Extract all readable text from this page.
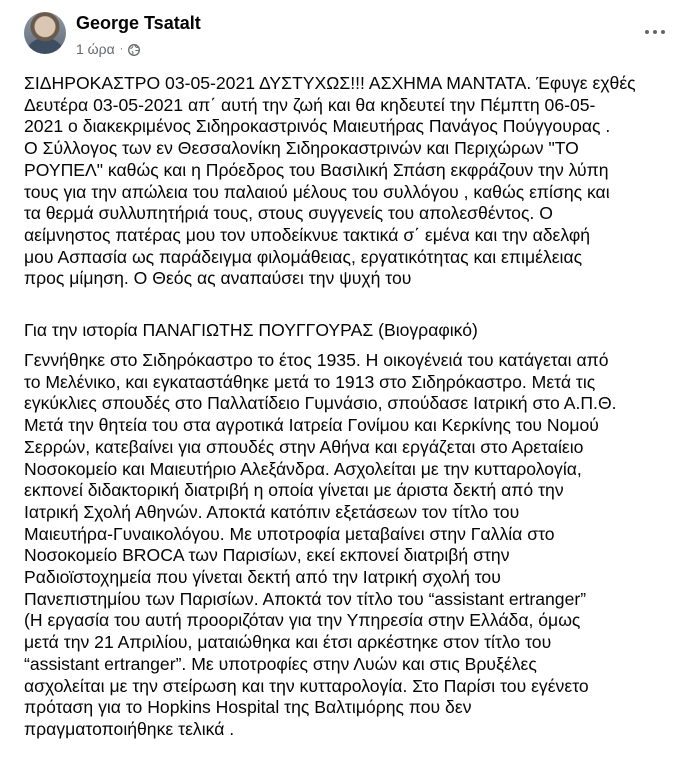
George Tsatalt
1 ώρα ·

ΣΙΔΗΡΟΚΑΣΤΡΟ 03-05-2021 ΔΥΣΤΥΧΩΣ!!! ΑΣΧΗΜΑ ΜΑΝΤΑΤΑ. Έφυγε εχθές
Δευτέρα 03-05-2021 απ΄ αυτή την ζωή και θα κηδευτεί την Πέμπτη 06-05-
2021 ο διακεκριμένος Σιδηροκαστρινός Μαιευτήρας Πανάγος Πούγγουρας .
Ο Σύλλογος των εν Θεσσαλονίκη Σιδηροκαστρινών και Περιχώρων "ΤΟ
ΡΟΥΠΕΛ" καθώς και η Πρόεδρος του Βασιλική Σπάση εκφράζουν την λύπη
τους για την απώλεια του παλαιού μέλους του συλλόγου , καθώς επίσης και
τα θερμά συλλυπητήριά τους, στους συγγενείς του απολεσθέντος. Ο
αείμνηστος πατέρας μου τον υποδείκνυε τακτικά σ΄ εμένα και την αδελφή
μου Ασπασία ως παράδειγμα φιλομάθειας, εργατικότητας και επιμέλειας
προς μίμηση. Ο Θεός ας αναπαύσει την ψυχή του

Για την ιστορία ΠΑΝΑΓΙΩΤΗΣ ΠΟΥΓΓΟΥΡΑΣ (Βιογραφικό)

Γεννήθηκε στο Σιδηρόκαστρο το έτος 1935. Η οικογένειά του κατάγεται από
το Μελένικο, και εγκαταστάθηκε μετά το 1913 στο Σιδηρόκαστρο. Μετά τις
εγκύκλιες σπουδές στο Παλλατίδειο Γυμνάσιο, σπούδασε Ιατρική στο Α.Π.Θ.
Μετά την θητεία του στα αγροτικά Ιατρεία Γονίμου και Κερκίνης του Νομού
Σερρών, κατεβαίνει για σπουδές στην Αθήνα και εργάζεται στο Αρεταίειο
Νοσοκομείο και Μαιευτήριο Αλεξάνδρα. Ασχολείται με την κυτταρολογία,
εκπονεί διδακτορική διατριβή η οποία γίνεται με άριστα δεκτή από την
Ιατρική Σχολή Αθηνών. Αποκτά κατόπιν εξετάσεων τον τίτλο του
Μαιευτήρα-Γυναικολόγου. Με υποτροφία μεταβαίνει στην Γαλλία στο
Νοσοκομείο BROCA των Παρισίων, εκεί εκπονεί διατριβή στην
Ραδιοϊστοχημεία που γίνεται δεκτή από την Ιατρική σχολή του
Πανεπιστημίου των Παρισίων. Αποκτά τον τίτλο του “assistant ertranger”
(Η εργασία του αυτή προοριζόταν για την Υπηρεσία στην Ελλάδα, όμως
μετά την 21 Απριλίου, ματαιώθηκα και έτσι αρκέστηκε στον τίτλο του
“assistant ertranger”. Με υποτροφίες στην Λυών και στις Βρυξέλες
ασχολείται με την στείρωση και την κυτταρολογία. Στο Παρίσι του εγένετο
πρόταση για το Hopkins Hospital της Βαλτιμόρης που δεν
πραγματοποιήθηκε τελικά .
